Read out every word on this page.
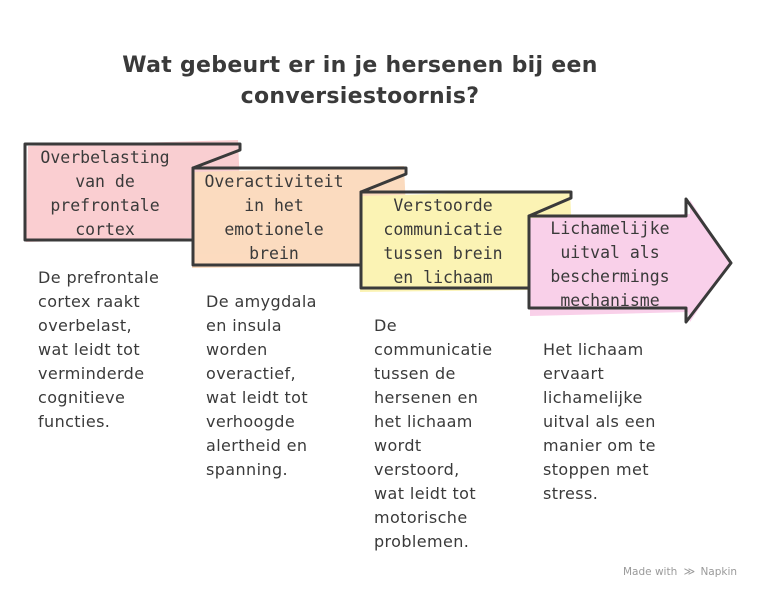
Wat gebeurt er in je hersenen bij een
conversiestoornis?
Overbelasting
van de
prefrontale
cortex
Overactiviteit
in het
emotionele
brein
Verstoorde
communicatie
tussen brein
en lichaam
Lichamelijke
uitval als
beschermings
mechanisme
De prefrontale
cortex raakt
overbelast,
wat leidt tot
verminderde
cognitieve
functies.
De amygdala
en insula
worden
overactief,
wat leidt tot
verhoogde
alertheid en
spanning.
De
communicatie
tussen de
hersenen en
het lichaam
wordt
verstoord,
wat leidt tot
motorische
problemen.
Het lichaam
ervaart
lichamelijke
uitval als een
manier om te
stoppen met
stress.
Made with ≫ Napkin
